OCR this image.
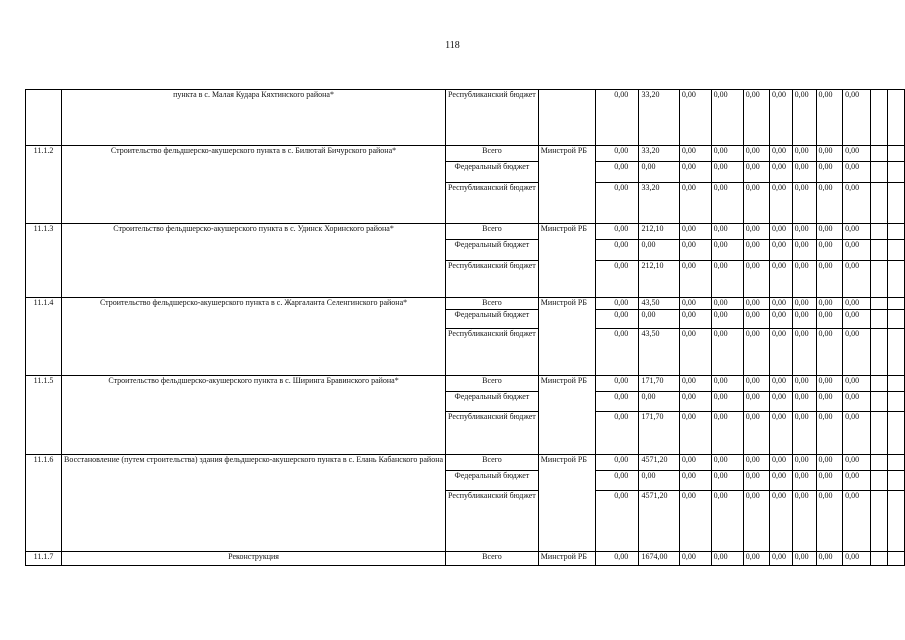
118
	пункта в с. Малая Кудара Кяхтинского района*	Республиканский бюджет		0,00	33,20	0,00	0,00	0,00	0,00	0,00	0,00	0,00		
11.1.2	Строительство фельдшерско-акушерского пункта в с. Билютай Бичурского района*	Всего	Минстрой РБ	0,00	33,20	0,00	0,00	0,00	0,00	0,00	0,00	0,00		
		Федеральный бюджет		0,00	0,00	0,00	0,00	0,00	0,00	0,00	0,00	0,00		
		Республиканский бюджет		0,00	33,20	0,00	0,00	0,00	0,00	0,00	0,00	0,00		
11.1.3	Строительство фельдшерско-акушерского пункта в с. Удинск Хоринского района*	Всего	Минстрой РБ	0,00	212,10	0,00	0,00	0,00	0,00	0,00	0,00	0,00		
		Федеральный бюджет		0,00	0,00	0,00	0,00	0,00	0,00	0,00	0,00	0,00		
		Республиканский бюджет		0,00	212,10	0,00	0,00	0,00	0,00	0,00	0,00	0,00		
11.1.4	Строительство фельдшерско-акушерского пункта в с. Жаргаланта Селенгинского района*	Всего	Минстрой РБ	0,00	43,50	0,00	0,00	0,00	0,00	0,00	0,00	0,00		
		Федеральный бюджет		0,00	0,00	0,00	0,00	0,00	0,00	0,00	0,00	0,00		
		Республиканский бюджет		0,00	43,50	0,00	0,00	0,00	0,00	0,00	0,00	0,00		
11.1.5	Строительство фельдшерско-акушерского пункта в с. Ширинга Бравинского района*	Всего	Минстрой РБ	0,00	171,70	0,00	0,00	0,00	0,00	0,00	0,00	0,00		
		Федеральный бюджет		0,00	0,00	0,00	0,00	0,00	0,00	0,00	0,00	0,00		
		Республиканский бюджет		0,00	171,70	0,00	0,00	0,00	0,00	0,00	0,00	0,00		
11.1.6	Восстановление (путем строительства) здания фельдшерско-акушерского пункта в с. Елань Кабанского района	Всего	Минстрой РБ	0,00	4571,20	0,00	0,00	0,00	0,00	0,00	0,00	0,00		
		Федеральный бюджет		0,00	0,00	0,00	0,00	0,00	0,00	0,00	0,00	0,00		
		Республиканский бюджет		0,00	4571,20	0,00	0,00	0,00	0,00	0,00	0,00	0,00		
11.1.7	Реконструкция	Всего	Минстрой РБ	0,00	1674,00	0,00	0,00	0,00	0,00	0,00	0,00	0,00		
